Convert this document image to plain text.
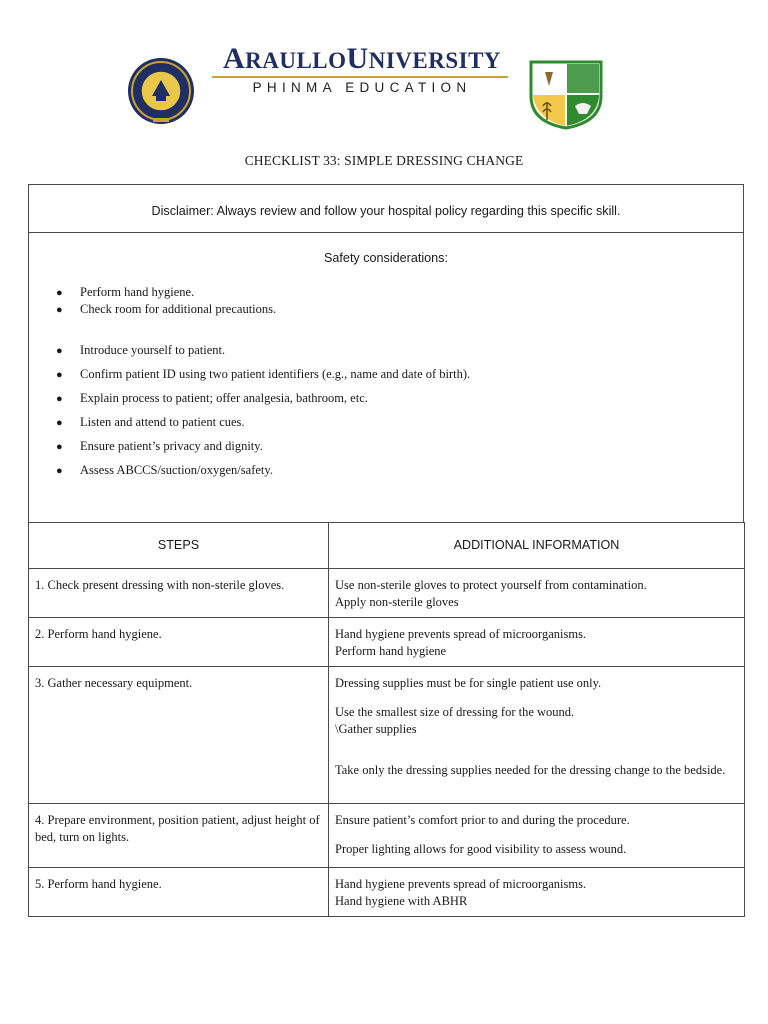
ARAULLOUNIVERSITY
PHINMA EDUCATION
CHECKLIST 33: SIMPLE DRESSING CHANGE
Disclaimer: Always review and follow your hospital policy regarding this specific skill.
Safety considerations:
● Perform hand hygiene.
● Check room for additional precautions.
● Introduce yourself to patient.
● Confirm patient ID using two patient identifiers (e.g., name and date of birth).
● Explain process to patient; offer analgesia, bathroom, etc.
● Listen and attend to patient cues.
● Ensure patient’s privacy and dignity.
● Assess ABCCS/suction/oxygen/safety.
STEPS	ADDITIONAL INFORMATION
1. Check present dressing with non-sterile gloves.	Use non-sterile gloves to protect yourself from contamination.
Apply non-sterile gloves

2. Perform hand hygiene.	Hand hygiene prevents spread of microorganisms.
Perform hand hygiene

3. Gather necessary equipment.	Dressing supplies must be for single patient use only.
Use the smallest size of dressing for the wound.
\Gather supplies
Take only the dressing supplies needed for the dressing change to the bedside.

4. Prepare environment, position patient, adjust height of bed, turn on lights.	Ensure patient’s comfort prior to and during the procedure.
Proper lighting allows for good visibility to assess wound.

5. Perform hand hygiene.	Hand hygiene prevents spread of microorganisms.
Hand hygiene with ABHR
